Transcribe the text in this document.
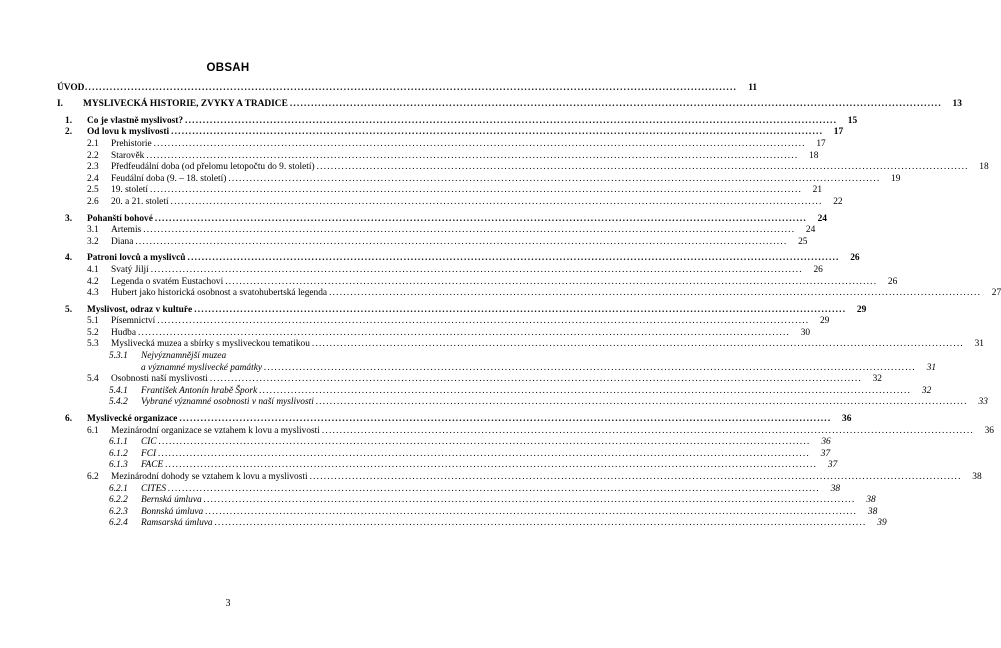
OBSAH
ÚVOD .....	11
I.	MYSLIVECKÁ HISTORIE, ZVYKY A TRADICE .....	13
1.	Co je vlastně myslivost? .....	15
2.	Od lovu k myslivosti .....	17
2.1	Prehistorie .....	17
2.2	Starověk .....	18
2.3	Předfeudální doba (od přelomu letopočtu do 9. století) .....	18
2.4	Feudální doba (9. – 18. století) .....	19
2.5	19. století .....	21
2.6	20. a 21. století .....	22
3.	Pohanští bohové .....	24
3.1	Artemis .....	24
3.2	Diana .....	25
4.	Patroni lovců a myslivců .....	26
4.1	Svatý Jiljí .....	26
4.2	Legenda o svatém Eustachovi .....	26
4.3	Hubert jako historická osobnost a svatohubertská legenda .....	27
5.	Myslivost, odraz v kultuře .....	29
5.1	Písemnictví .....	29
5.2	Hudba .....	30
5.3	Myslivecká muzea a sbírky s mysliveckou tematikou .....	31
5.3.1	Nejvýznamnější muzea
a významné myslivecké památky .....	31
5.4	Osobnosti naší myslivosti .....	32
5.4.1	František Antonín hrabě Špork .....	32
5.4.2	Vybrané významné osobnosti v naší myslivosti .....	33
6.	Myslivecké organizace .....	36
6.1	Mezinárodní organizace se vztahem k lovu a myslivosti .....	36
6.1.1	CIC .....	36
6.1.2	FCI .....	37
6.1.3	FACE .....	37
6.2	Mezinárodní dohody se vztahem k lovu a myslivosti .....	38
6.2.1	CITES .....	38
6.2.2	Bernská úmluva .....	38
6.2.3	Bonnská úmluva .....	38
6.2.4	Ramsarská úmluva .....	39
3
